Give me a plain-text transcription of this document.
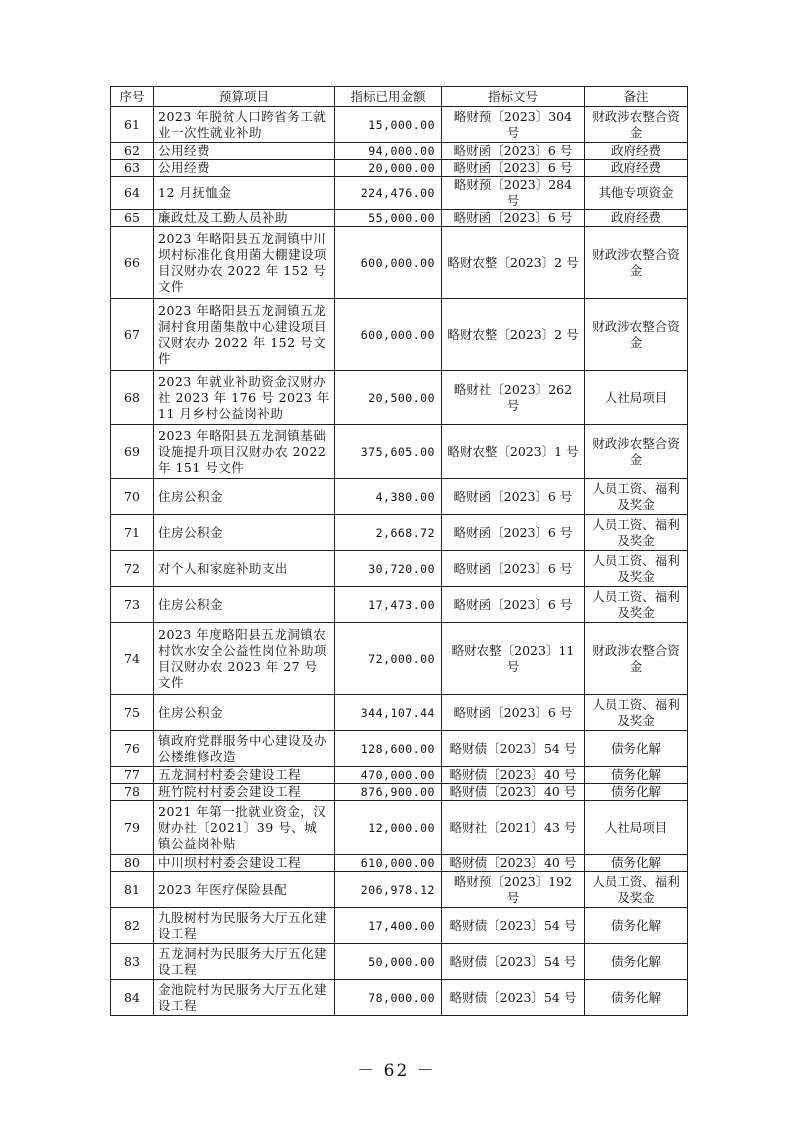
序号	预算项目	指标已用金额	指标文号	备注
61	2023 年脱贫人口跨省务工就业一次性就业补助	15,000.00	略财预〔2023〕304 号	财政涉农整合资金
62	公用经费	94,000.00	略财函〔2023〕6 号	政府经费
63	公用经费	20,000.00	略财函〔2023〕6 号	政府经费
64	12 月抚恤金	224,476.00	略财预〔2023〕284 号	其他专项资金
65	廉政灶及工勤人员补助	55,000.00	略财函〔2023〕6 号	政府经费
66	2023 年略阳县五龙洞镇中川坝村标准化食用菌大棚建设项目汉财办农 2022 年 152 号文件	600,000.00	略财农整〔2023〕2 号	财政涉农整合资金
67	2023 年略阳县五龙洞镇五龙洞村食用菌集散中心建设项目汉财农办 2022 年 152 号文件	600,000.00	略财农整〔2023〕2 号	财政涉农整合资金
68	2023 年就业补助资金汉财办社 2023 年 176 号 2023 年 11 月乡村公益岗补助	20,500.00	略财社〔2023〕262 号	人社局项目
69	2023 年略阳县五龙洞镇基础设施提升项目汉财办农 2022 年 151 号文件	375,605.00	略财农整〔2023〕1 号	财政涉农整合资金
70	住房公积金	4,380.00	略财函〔2023〕6 号	人员工资、福利及奖金
71	住房公积金	2,668.72	略财函〔2023〕6 号	人员工资、福利及奖金
72	对个人和家庭补助支出	30,720.00	略财函〔2023〕6 号	人员工资、福利及奖金
73	住房公积金	17,473.00	略财函〔2023〕6 号	人员工资、福利及奖金
74	2023 年度略阳县五龙洞镇农村饮水安全公益性岗位补助项目汉财办农 2023 年 27 号文件	72,000.00	略财农整〔2023〕11 号	财政涉农整合资金
75	住房公积金	344,107.44	略财函〔2023〕6 号	人员工资、福利及奖金
76	镇政府党群服务中心建设及办公楼维修改造	128,600.00	略财债〔2023〕54 号	债务化解
77	五龙洞村村委会建设工程	470,000.00	略财债〔2023〕40 号	债务化解
78	班竹院村村委会建设工程	876,900.00	略财债〔2023〕40 号	债务化解
79	2021 年第一批就业资金，汉财办社〔2021〕39 号、城镇公益岗补贴	12,000.00	略财社〔2021〕43 号	人社局项目
80	中川坝村村委会建设工程	610,000.00	略财债〔2023〕40 号	债务化解
81	2023 年医疗保险县配	206,978.12	略财预〔2023〕192 号	人员工资、福利及奖金
82	九股树村为民服务大厅五化建设工程	17,400.00	略财债〔2023〕54 号	债务化解
83	五龙洞村为民服务大厅五化建设工程	50,000.00	略财债〔2023〕54 号	债务化解
84	金池院村为民服务大厅五化建设工程	78,000.00	略财债〔2023〕54 号	债务化解
－ 62 －
